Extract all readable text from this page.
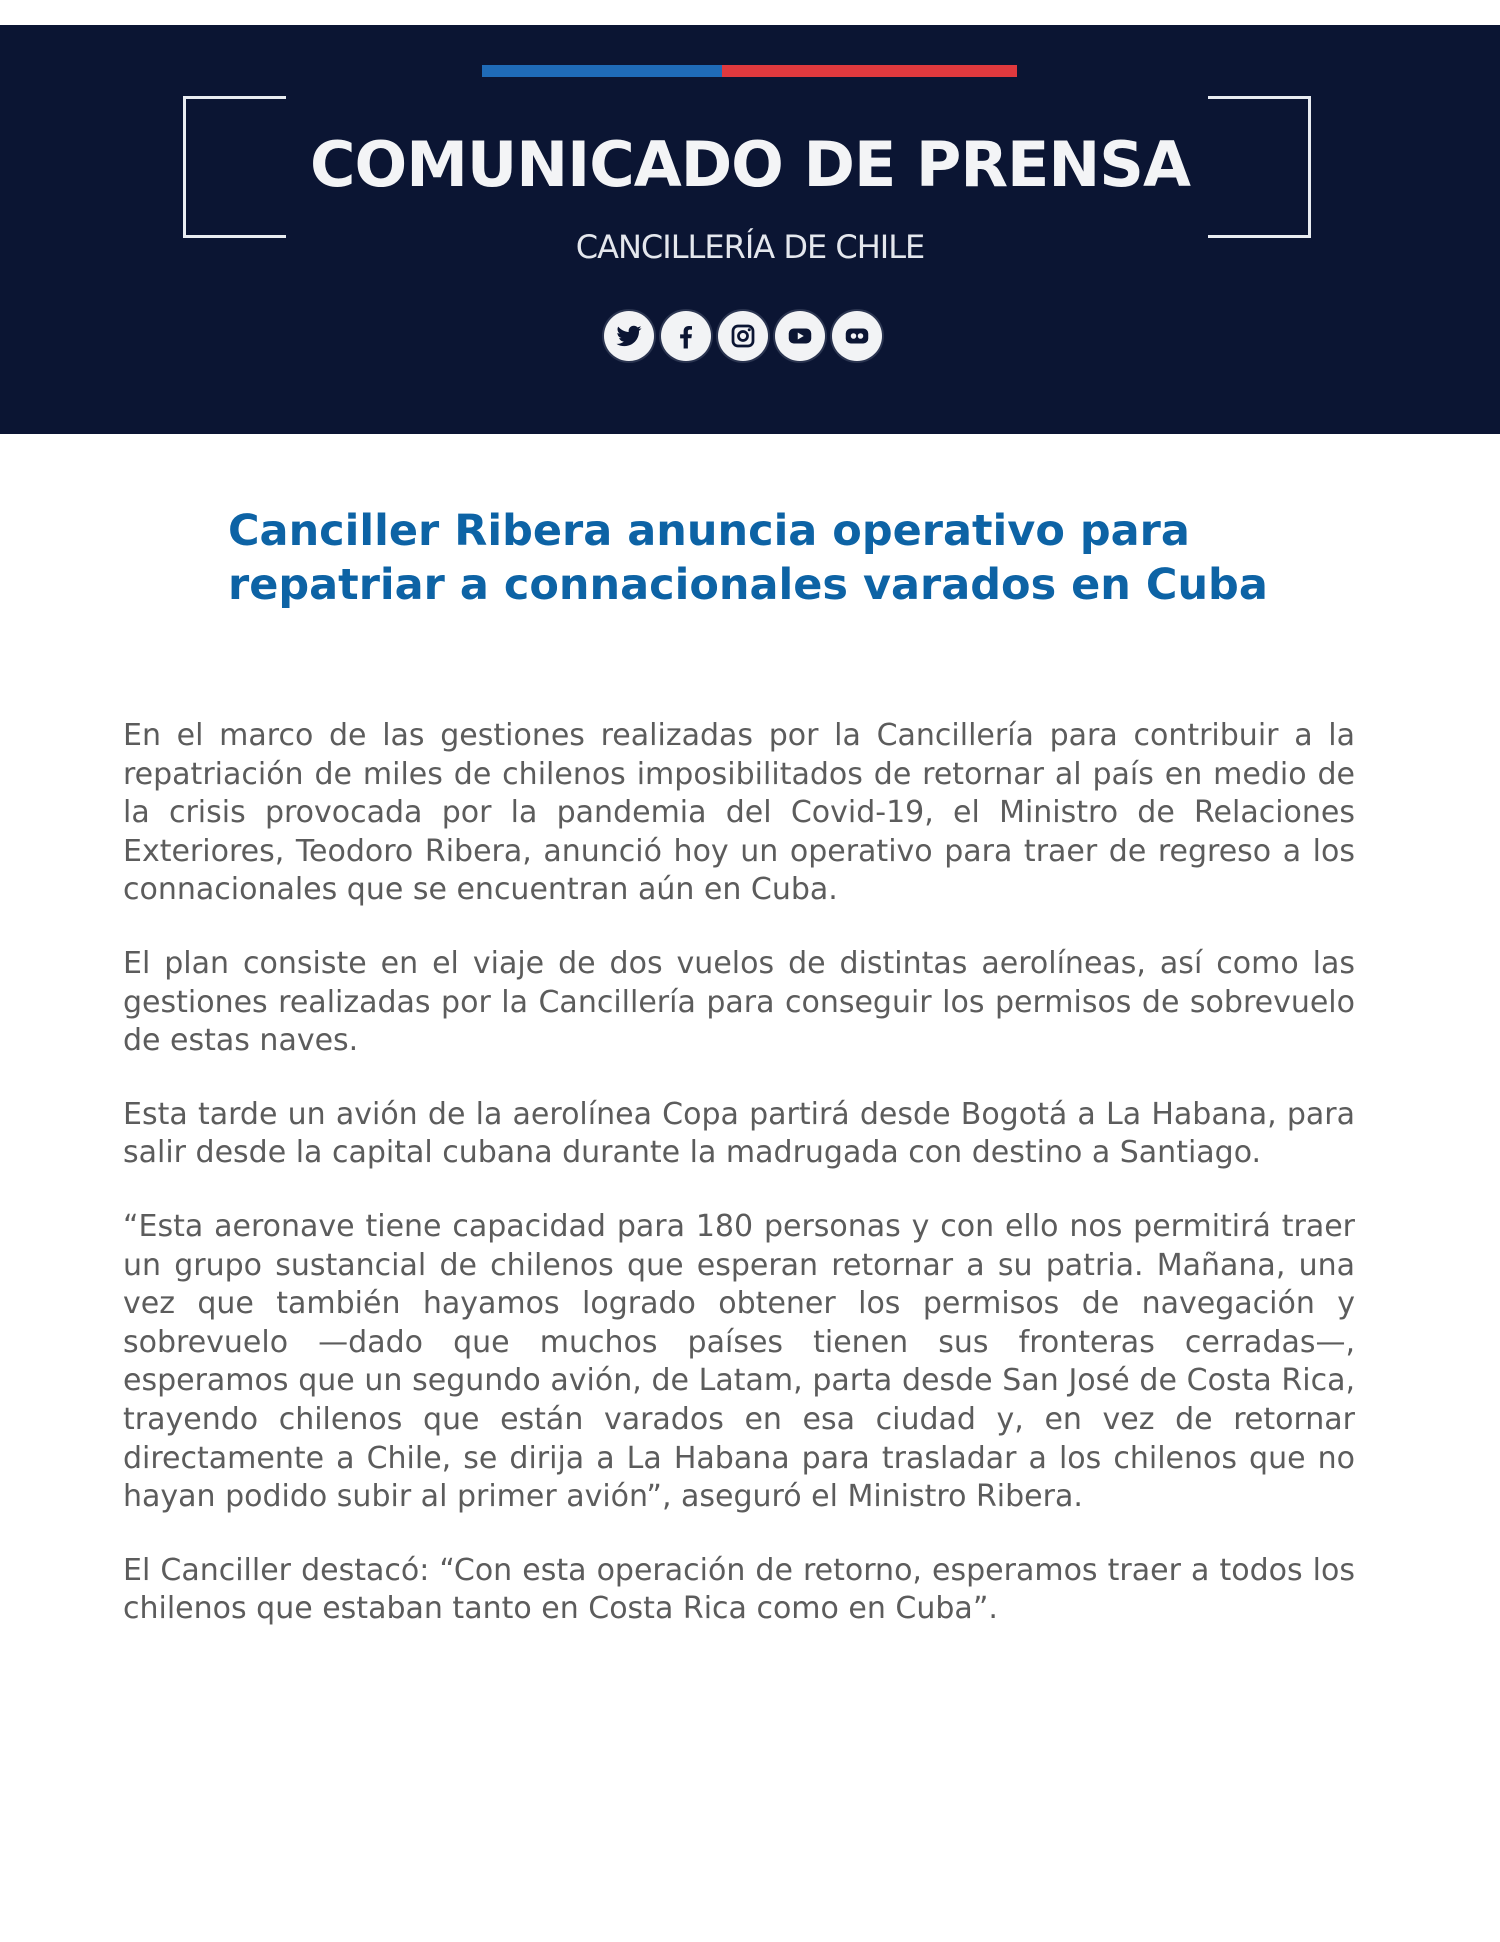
COMUNICADO DE PRENSA
CANCILLERÍA DE CHILE
Canciller Ribera anuncia operativo para
repatriar a connacionales varados en Cuba

En el marco de las gestiones realizadas por la Cancillería para contribuir a la repatriación de miles de chilenos imposibilitados de retornar al país en medio de la crisis provocada por la pandemia del Covid-19, el Ministro de Relaciones Exteriores, Teodoro Ribera, anunció hoy un operativo para traer de regreso a los connacionales que se encuentran aún en Cuba.

El plan consiste en el viaje de dos vuelos de distintas aerolíneas, así como las gestiones realizadas por la Cancillería para conseguir los permisos de sobrevuelo de estas naves.

Esta tarde un avión de la aerolínea Copa partirá desde Bogotá a La Habana, para salir desde la capital cubana durante la madrugada con destino a Santiago.

“Esta aeronave tiene capacidad para 180 personas y con ello nos permitirá traer un grupo sustancial de chilenos que esperan retornar a su patria. Mañana, una vez que también hayamos logrado obtener los permisos de navegación y sobrevuelo —dado que muchos países tienen sus fronteras cerradas—, esperamos que un segundo avión, de Latam, parta desde San José de Costa Rica, trayendo chilenos que están varados en esa ciudad y, en vez de retornar directamente a Chile, se dirija a La Habana para trasladar a los chilenos que no hayan podido subir al primer avión”, aseguró el Ministro Ribera.

El Canciller destacó: “Con esta operación de retorno, esperamos traer a todos los chilenos que estaban tanto en Costa Rica como en Cuba”.
